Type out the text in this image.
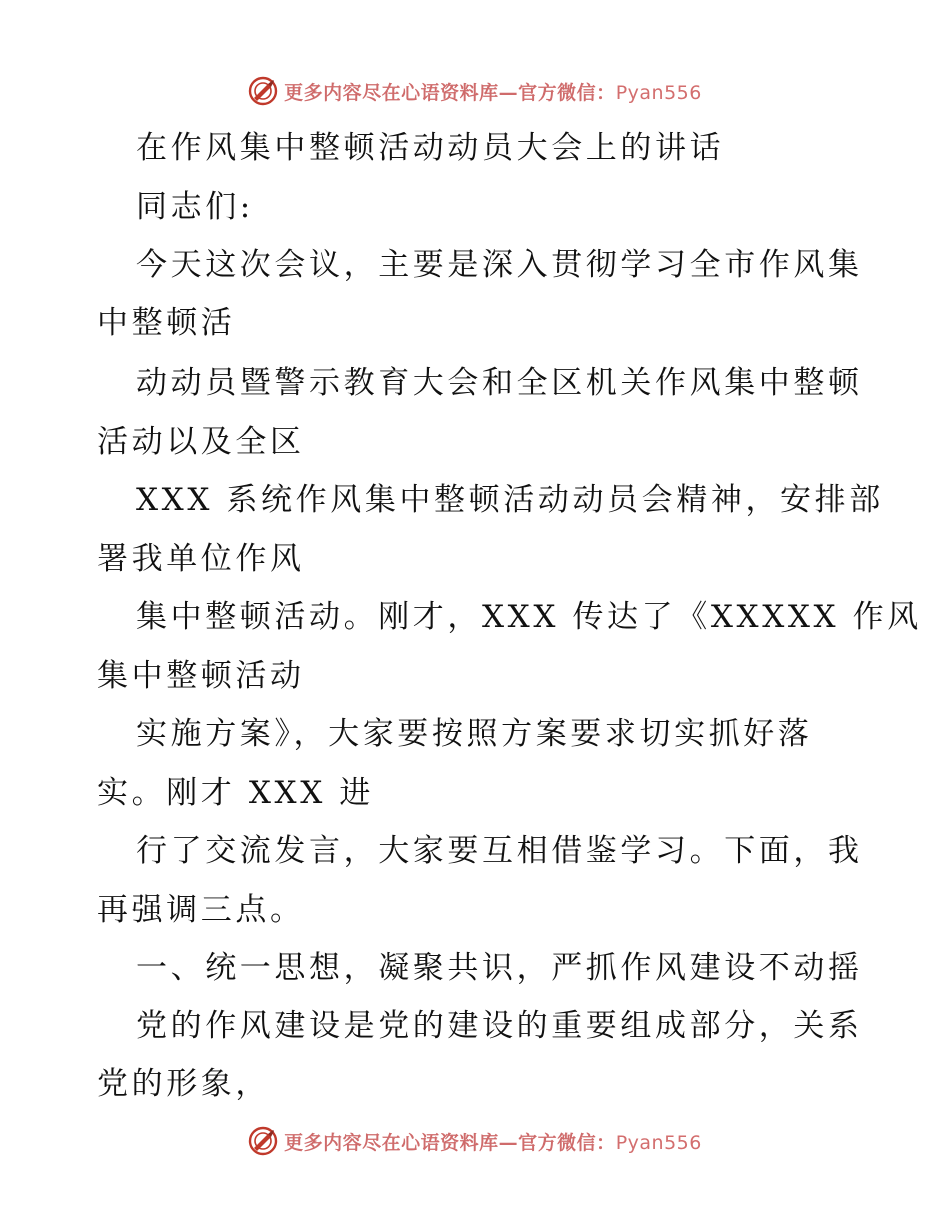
更多内容尽在心语资料库—官方微信：Pyan556
在作风集中整顿活动动员大会上的讲话
同志们:
今天这次会议，主要是深入贯彻学习全市作风集
中整顿活
动动员暨警示教育大会和全区机关作风集中整顿
活动以及全区
XXX 系统作风集中整顿活动动员会精神，安排部
署我单位作风
集中整顿活动。刚才，XXX 传达了《XXXXX 作风
集中整顿活动
实施方案》，大家要按照方案要求切实抓好落
实。刚才 XXX 进
行了交流发言，大家要互相借鉴学习。下面，我
再强调三点。
一、统一思想，凝聚共识，严抓作风建设不动摇
党的作风建设是党的建设的重要组成部分，关系
党的形象，
更多内容尽在心语资料库—官方微信：Pyan556
